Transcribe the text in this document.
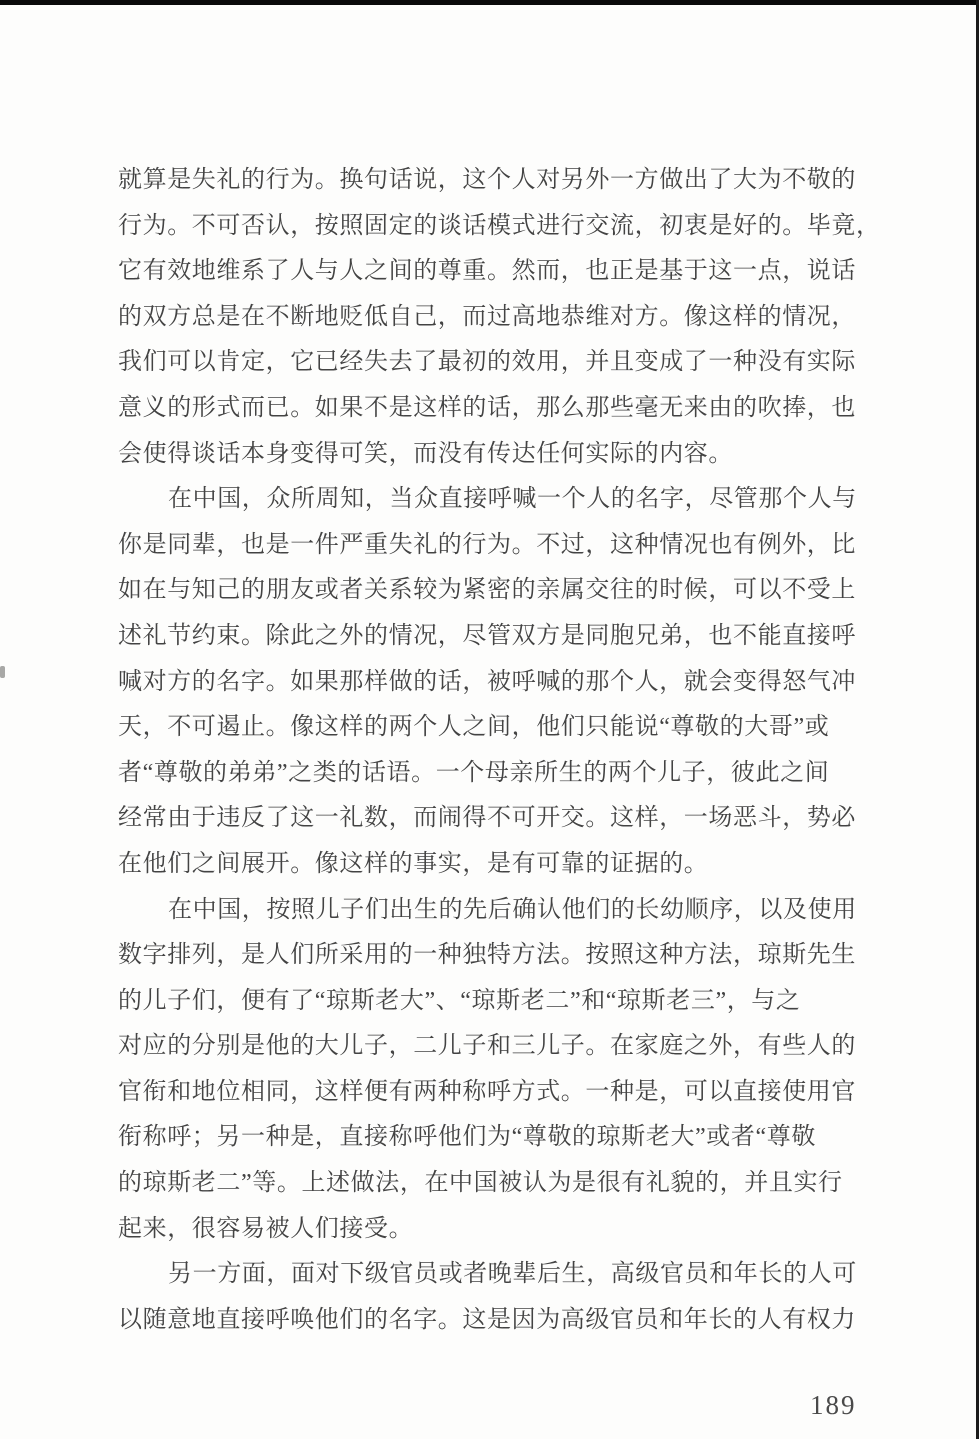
就算是失礼的行为。换句话说，这个人对另外一方做出了大为不敬的
行为。不可否认，按照固定的谈话模式进行交流，初衷是好的。毕竟，
它有效地维系了人与人之间的尊重。然而，也正是基于这一点，说话
的双方总是在不断地贬低自己，而过高地恭维对方。像这样的情况，
我们可以肯定，它已经失去了最初的效用，并且变成了一种没有实际
意义的形式而已。如果不是这样的话，那么那些毫无来由的吹捧，也
会使得谈话本身变得可笑，而没有传达任何实际的内容。

在中国，众所周知，当众直接呼喊一个人的名字，尽管那个人与
你是同辈，也是一件严重失礼的行为。不过，这种情况也有例外，比
如在与知己的朋友或者关系较为紧密的亲属交往的时候，可以不受上
述礼节约束。除此之外的情况，尽管双方是同胞兄弟，也不能直接呼
喊对方的名字。如果那样做的话，被呼喊的那个人，就会变得怒气冲
天，不可遏止。像这样的两个人之间，他们只能说“尊敬的大哥”或
者“尊敬的弟弟”之类的话语。一个母亲所生的两个儿子，彼此之间
经常由于违反了这一礼数，而闹得不可开交。这样，一场恶斗，势必
在他们之间展开。像这样的事实，是有可靠的证据的。

在中国，按照儿子们出生的先后确认他们的长幼顺序，以及使用
数字排列，是人们所采用的一种独特方法。按照这种方法，琼斯先生
的儿子们，便有了“琼斯老大”、“琼斯老二”和“琼斯老三”，与之
对应的分别是他的大儿子，二儿子和三儿子。在家庭之外，有些人的
官衔和地位相同，这样便有两种称呼方式。一种是，可以直接使用官
衔称呼；另一种是，直接称呼他们为“尊敬的琼斯老大”或者“尊敬
的琼斯老二”等。上述做法，在中国被认为是很有礼貌的，并且实行
起来，很容易被人们接受。

另一方面，面对下级官员或者晚辈后生，高级官员和年长的人可
以随意地直接呼唤他们的名字。这是因为高级官员和年长的人有权力

189
